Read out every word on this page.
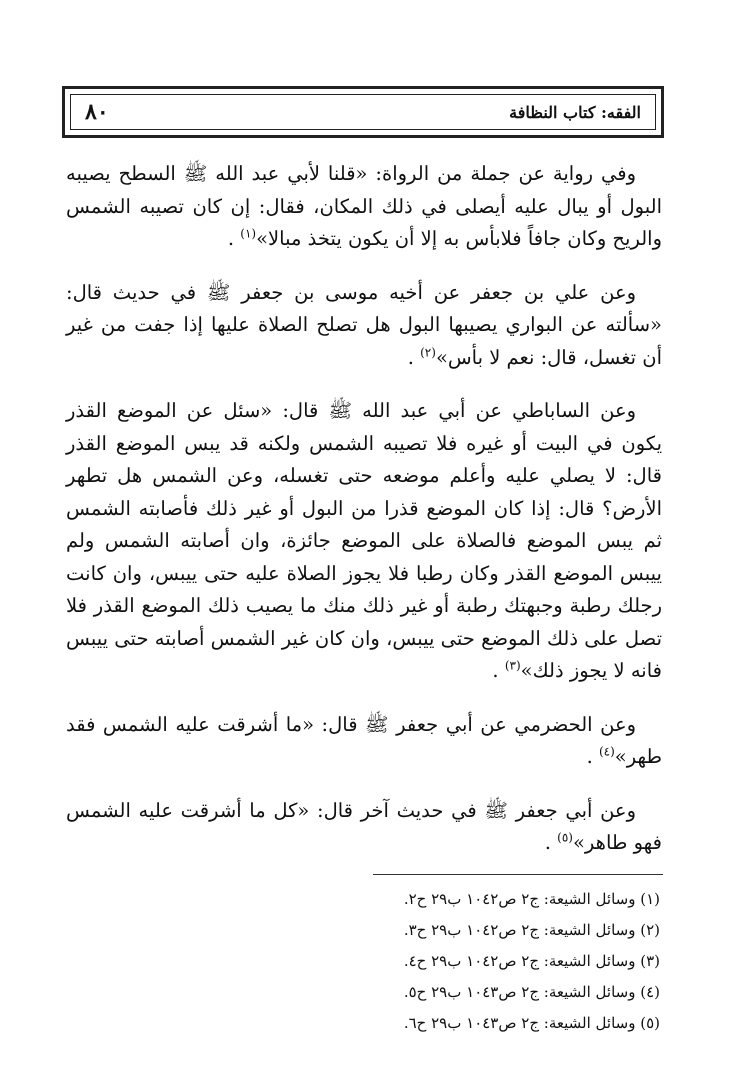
الفقه: كتاب النظافة
٨٠

وفي رواية عن جملة من الرواة: «قلنا لأبي عبد الله ﷺ السطح يصيبه البول أو يبال عليه أيصلى في ذلك المكان، فقال: إن كان تصيبه الشمس والريح وكان جافاً فلابأس به إلا أن يكون يتخذ مبالا»$^{(١)}$ .

وعن علي بن جعفر عن أخيه موسى بن جعفر ﷺ في حديث قال: «سألته عن البواري يصيبها البول هل تصلح الصلاة عليها إذا جفت من غير أن تغسل، قال: نعم لا بأس»$^{(٢)}$ .

وعن الساباطي عن أبي عبد الله ﷺ قال: «سئل عن الموضع القذر يكون في البيت أو غيره فلا تصيبه الشمس ولكنه قد يبس الموضع القذر قال: لا يصلي عليه وأعلم موضعه حتى تغسله، وعن الشمس هل تطهر الأرض؟ قال: إذا كان الموضع قذرا من البول أو غير ذلك فأصابته الشمس ثم يبس الموضع فالصلاة على الموضع جائزة، وان أصابته الشمس ولم ييبس الموضع القذر وكان رطبا فلا يجوز الصلاة عليه حتى ييبس، وان كانت رجلك رطبة وجبهتك رطبة أو غير ذلك منك ما يصيب ذلك الموضع القذر فلا تصل على ذلك الموضع حتى ييبس، وان كان غير الشمس أصابته حتى ييبس فانه لا يجوز ذلك»$^{(٣)}$ .

وعن الحضرمي عن أبي جعفر ﷺ قال: «ما أشرقت عليه الشمس فقد طهر»$^{(٤)}$ .

وعن أبي جعفر ﷺ في حديث آخر قال: «كل ما أشرقت عليه الشمس فهو طاهر»$^{(٥)}$ .

(١) وسائل الشيعة: ج٢ ص١٠٤٢ ب٢٩ ح٢.

(٢) وسائل الشيعة: ج٢ ص١٠٤٢ ب٢٩ ح٣.

(٣) وسائل الشيعة: ج٢ ص١٠٤٢ ب٢٩ ح٤.

(٤) وسائل الشيعة: ج٢ ص١٠٤٣ ب٢٩ ح٥.

(٥) وسائل الشيعة: ج٢ ص١٠٤٣ ب٢٩ ح٦.
